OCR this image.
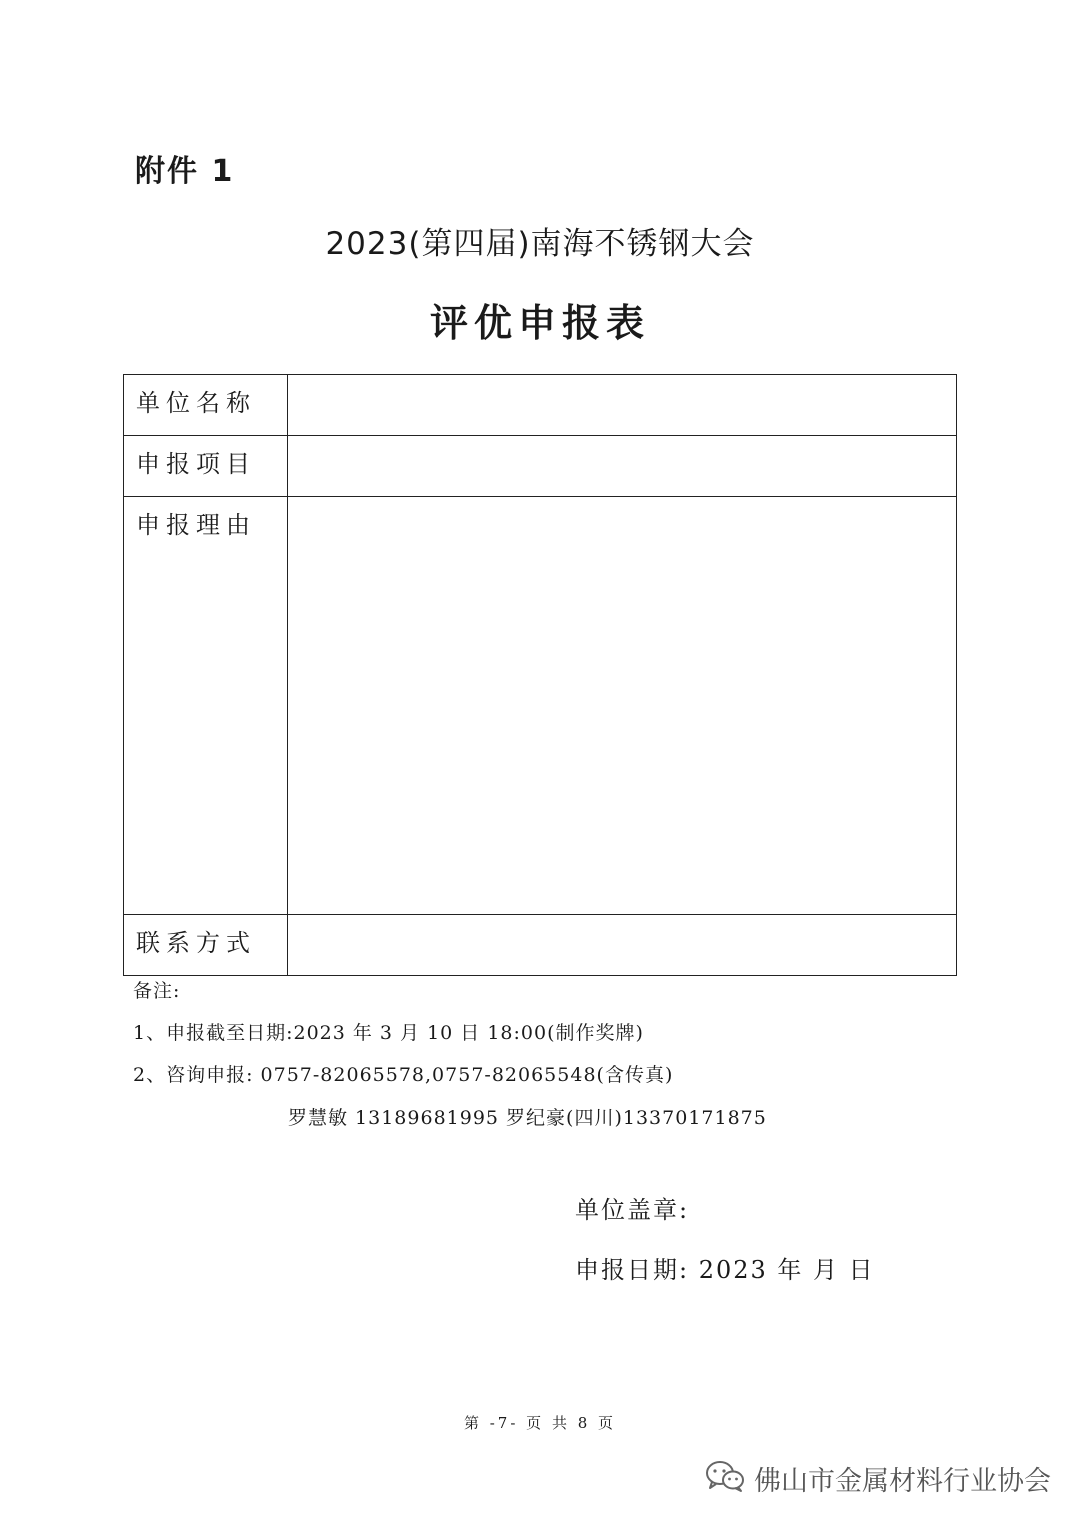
附件 1
2023(第四届)南海不锈钢大会
评优申报表
单位名称	
申报项目	
申报理由	
联系方式	
备注:
1、申报截至日期:2023 年 3 月 10 日 18:00(制作奖牌)
2、咨询申报: 0757-82065578,0757-82065548(含传真)
罗慧敏 13189681995 罗纪豪(四川)13370171875
单位盖章:
申报日期: 2023 年 月 日
第 -7- 页 共 8 页
佛山市金属材料行业协会
